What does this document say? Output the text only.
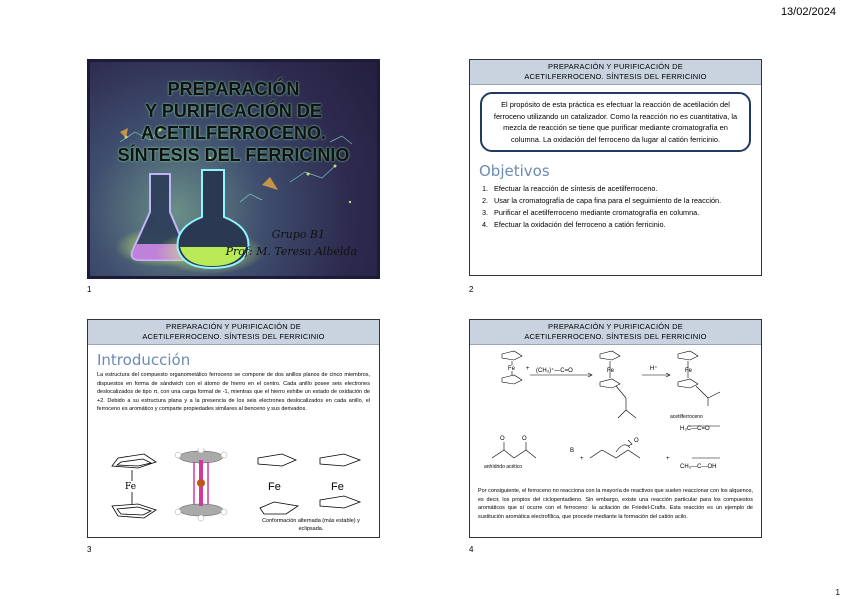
13/02/2024
PREPARACIÓN
Y PURIFICACIÓN DE
ACETILFERROCENO.
SÍNTESIS DEL FERRICINIO
Grupo B1
Prof: M. Teresa Albelda
1
PREPARACIÓN Y PURIFICACIÓN DE
ACETILFERROCENO. SÍNTESIS DEL FERRICINIO
El propósito de esta práctica es efectuar la reacción de acetilación del ferroceno utilizando un catalizador. Como la reacción no es cuantitativa, la mezcla de reacción se tiene que purificar mediante cromatografía en columna. La oxidación del ferroceno da lugar al catión ferricinio.
Objetivos
1. Efectuar la reacción de síntesis de acetilferroceno.
2. Usar la cromatografía de capa fina para el seguimiento de la reacción.
3. Purificar el acetilferroceno mediante cromatografía en columna.
4. Efectuar la oxidación del ferroceno a catión ferricinio.
2
PREPARACIÓN Y PURIFICACIÓN DE
ACETILFERROCENO. SÍNTESIS DEL FERRICINIO
Introducción
La estructura del compuesto organometálico ferroceno se compone de dos anillos planos de cinco miembros, dispuestos en forma de sándwich con el átomo de hierro en el centro. Cada anillo posee seis electrones deslocalizados de tipo π, con una carga formal de -1, mientras que el hierro exhibe un estado de oxidación de +2. Debido a su estructura plana y a la presencia de los seis electrones deslocalizados en cada anillo, el ferroceno es aromático y comparte propiedades similares al benceno y sus derivados.
Fe	Fe	Fe
Conformación alternada (más estable) y eclipsada.
3
PREPARACIÓN Y PURIFICACIÓN DE
ACETILFERROCENO. SÍNTESIS DEL FERRICINIO
Fe + (CH₃)⁺—C=O	Fe	H⁺	Fe
acetilferroceno
O	O
anhídrido acético
B
+
O
+
H₃C—C=O
CH₃—C—OH
Por consiguiente, el ferroceno no reacciona con la mayoría de reactivos que suelen reaccionar con los alquenos, es decir, los propios del ciclopentadieno. Sin embargo, existe una reacción particular para los compuestos aromáticos que sí ocurre con el ferroceno: la acilación de Friedel-Crafts. Esta reacción es un ejemplo de sustitución aromática electrofílica, que procede mediante la formación del catión acilo.
4
1
